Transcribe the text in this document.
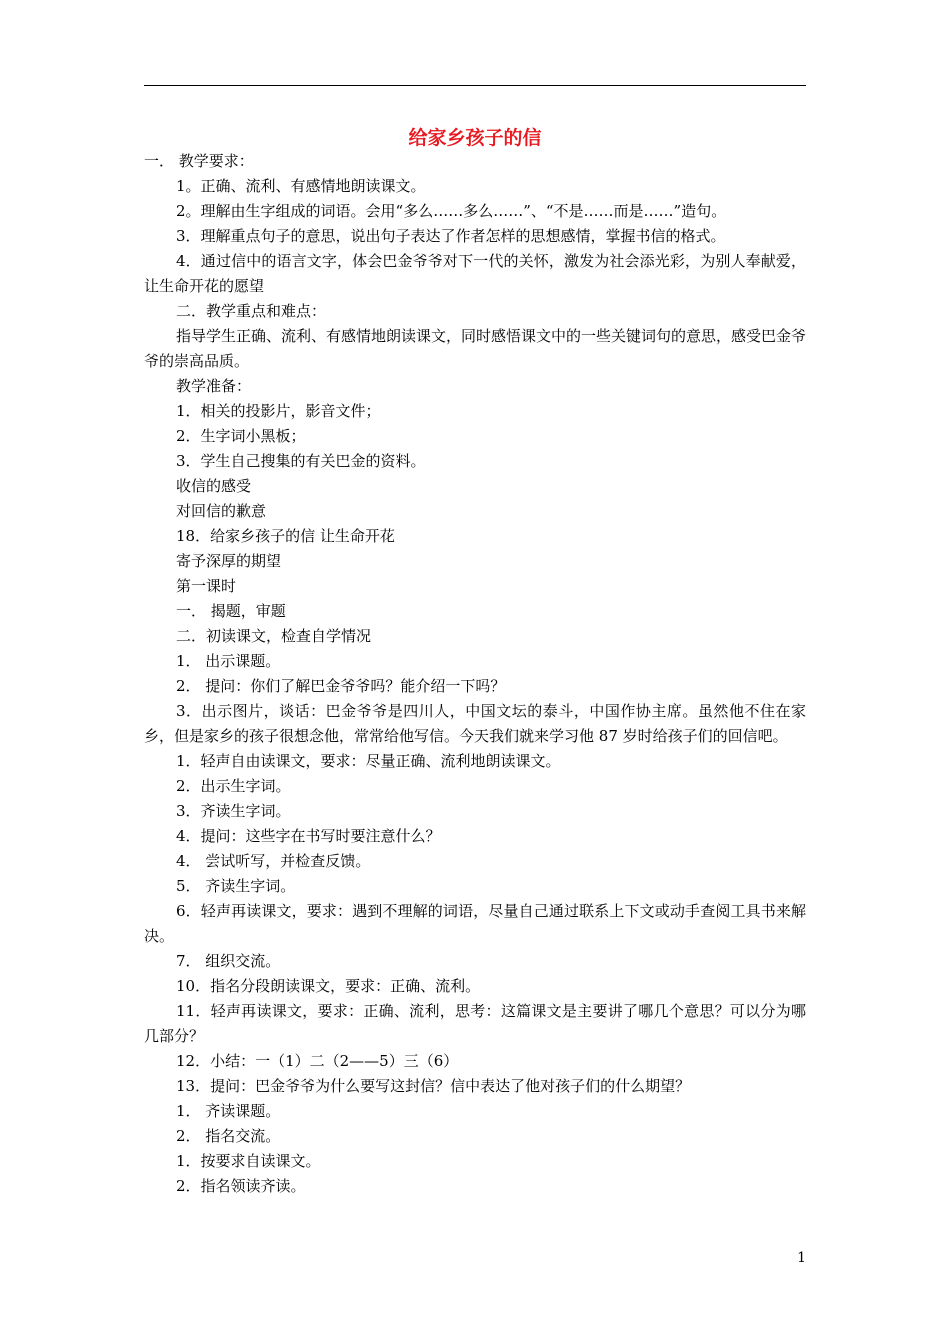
给家乡孩子的信
一． 教学要求：
1。正确、流利、有感情地朗读课文。
2。理解由生字组成的词语。会用“多么……多么……”、“不是……而是……”造句。
3．理解重点句子的意思，说出句子表达了作者怎样的思想感情，掌握书信的格式。
4．通过信中的语言文字，体会巴金爷爷对下一代的关怀，激发为社会添光彩，为别人奉献爱，让生命开花的愿望
二．教学重点和难点：
指导学生正确、流利、有感情地朗读课文，同时感悟课文中的一些关键词句的意思，感受巴金爷爷的崇高品质。
教学准备：
1．相关的投影片，影音文件；
2．生字词小黑板；
3．学生自己搜集的有关巴金的资料。
收信的感受
对回信的歉意
18．给家乡孩子的信 让生命开花
寄予深厚的期望
第一课时
一． 揭题，审题
二．初读课文，检查自学情况
1． 出示课题。
2． 提问：你们了解巴金爷爷吗？能介绍一下吗？
3．出示图片，谈话：巴金爷爷是四川人，中国文坛的泰斗，中国作协主席。虽然他不住在家乡，但是家乡的孩子很想念他，常常给他写信。今天我们就来学习他 87 岁时给孩子们的回信吧。
1．轻声自由读课文，要求：尽量正确、流利地朗读课文。
2．出示生字词。
3．齐读生字词。
4．提问：这些字在书写时要注意什么？
4． 尝试听写，并检查反馈。
5． 齐读生字词。
6．轻声再读课文，要求：遇到不理解的词语，尽量自己通过联系上下文或动手查阅工具书来解决。
7． 组织交流。
10．指名分段朗读课文，要求：正确、流利。
11．轻声再读课文，要求：正确、流利，思考：这篇课文是主要讲了哪几个意思？可以分为哪几部分？
12．小结：一（1）二（2——5）三（6）
13．提问：巴金爷爷为什么要写这封信？信中表达了他对孩子们的什么期望？
1． 齐读课题。
2． 指名交流。
1．按要求自读课文。
2．指名领读齐读。
1
